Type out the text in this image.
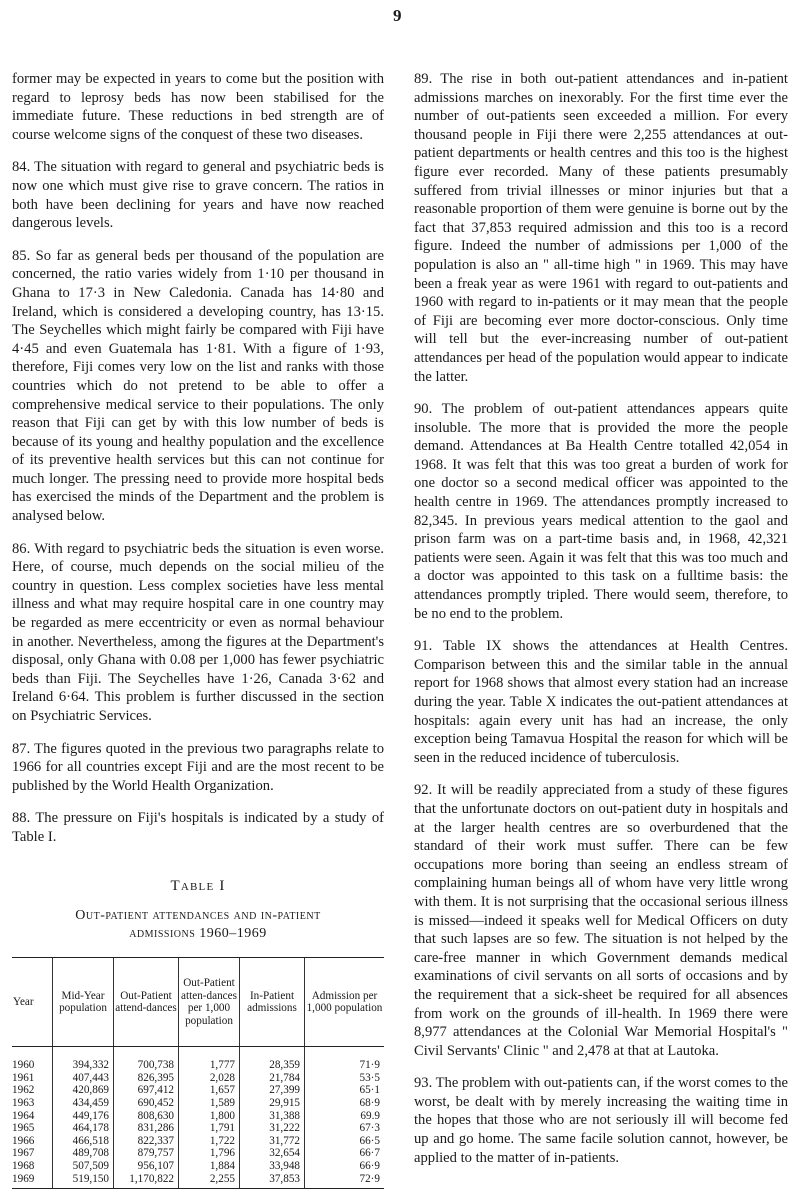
9

former may be expected in years to come but the position with regard to leprosy beds has now been stabilised for the immediate future. These reductions in bed strength are of course welcome signs of the conquest of these two diseases.

84. The situation with regard to general and psychiatric beds is now one which must give rise to grave concern. The ratios in both have been declining for years and have now reached dangerous levels.

85. So far as general beds per thousand of the population are concerned, the ratio varies widely from 1·10 per thousand in Ghana to 17·3 in New Caledonia. Canada has 14·80 and Ireland, which is considered a developing country, has 13·15. The Seychelles which might fairly be compared with Fiji have 4·45 and even Guatemala has 1·81. With a figure of 1·93, therefore, Fiji comes very low on the list and ranks with those countries which do not pretend to be able to offer a comprehensive medical service to their populations. The only reason that Fiji can get by with this low number of beds is because of its young and healthy population and the excellence of its preventive health services but this can not continue for much longer. The pressing need to provide more hospital beds has exercised the minds of the Department and the problem is analysed below.

86. With regard to psychiatric beds the situation is even worse. Here, of course, much depends on the social milieu of the country in question. Less complex societies have less mental illness and what may require hospital care in one country may be regarded as mere eccentricity or even as normal behaviour in another. Nevertheless, among the figures at the Department's disposal, only Ghana with 0.08 per 1,000 has fewer psychiatric beds than Fiji. The Seychelles have 1·26, Canada 3·62 and Ireland 6·64. This problem is further discussed in the section on Psychiatric Services.

87. The figures quoted in the previous two paragraphs relate to 1966 for all countries except Fiji and are the most recent to be published by the World Health Organization.

88. The pressure on Fiji's hospitals is indicated by a study of Table I.

Table I
Out-patient attendances and in-patient
admissions 1960–1969
Year	Mid-Year population	Out-Patient attend-dances	Out-Patient atten-dances per 1,000 population	In-Patient admissions	Admission per 1,000 population
1960	394,332	700,738	1,777	28,359	71·9
1961	407,443	826,395	2,028	21,784	53·5
1962	420,869	697,412	1,657	27,399	65·1
1963	434,459	690,452	1,589	29,915	68·9
1964	449,176	808,630	1,800	31,388	69.9
1965	464,178	831,286	1,791	31,222	67·3
1966	466,518	822,337	1,722	31,772	66·5
1967	489,708	879,757	1,796	32,654	66·7
1968	507,509	956,107	1,884	33,948	66·9
1969	519,150	1,170,822	2,255	37,853	72·9

89. The rise in both out-patient attendances and in-patient admissions marches on inexorably. For the first time ever the number of out-patients seen exceeded a million. For every thousand people in Fiji there were 2,255 attendances at out-patient departments or health centres and this too is the highest figure ever recorded. Many of these patients presumably suffered from trivial illnesses or minor injuries but that a reasonable proportion of them were genuine is borne out by the fact that 37,853 required admission and this too is a record figure. Indeed the number of admissions per 1,000 of the population is also an " all-time high " in 1969. This may have been a freak year as were 1961 with regard to out-patients and 1960 with regard to in-patients or it may mean that the people of Fiji are becoming ever more doctor-conscious. Only time will tell but the ever-increasing number of out-patient attendances per head of the population would appear to indicate the latter.

90. The problem of out-patient attendances appears quite insoluble. The more that is provided the more the people demand. Attendances at Ba Health Centre totalled 42,054 in 1968. It was felt that this was too great a burden of work for one doctor so a second medical officer was appointed to the health centre in 1969. The attendances promptly increased to 82,345. In previous years medical attention to the gaol and prison farm was on a part-time basis and, in 1968, 42,321 patients were seen. Again it was felt that this was too much and a doctor was appointed to this task on a fulltime basis: the attendances promptly tripled. There would seem, therefore, to be no end to the problem.

91. Table IX shows the attendances at Health Centres. Comparison between this and the similar table in the annual report for 1968 shows that almost every station had an increase during the year. Table X indicates the out-patient attendances at hospitals: again every unit has had an increase, the only exception being Tamavua Hospital the reason for which will be seen in the reduced incidence of tuberculosis.

92. It will be readily appreciated from a study of these figures that the unfortunate doctors on out-patient duty in hospitals and at the larger health centres are so overburdened that the standard of their work must suffer. There can be few occupations more boring than seeing an endless stream of complaining human beings all of whom have very little wrong with them. It is not surprising that the occasional serious illness is missed—indeed it speaks well for Medical Officers on duty that such lapses are so few. The situation is not helped by the care-free manner in which Government demands medical examinations of civil servants on all sorts of occasions and by the requirement that a sick-sheet be required for all absences from work on the grounds of ill-health. In 1969 there were 8,977 attendances at the Colonial War Memorial Hospital's " Civil Servants' Clinic " and 2,478 at that at Lautoka.

93. The problem with out-patients can, if the worst comes to the worst, be dealt with by merely increasing the waiting time in the hopes that those who are not seriously ill will become fed up and go home. The same facile solution cannot, however, be applied to the matter of in-patients.
